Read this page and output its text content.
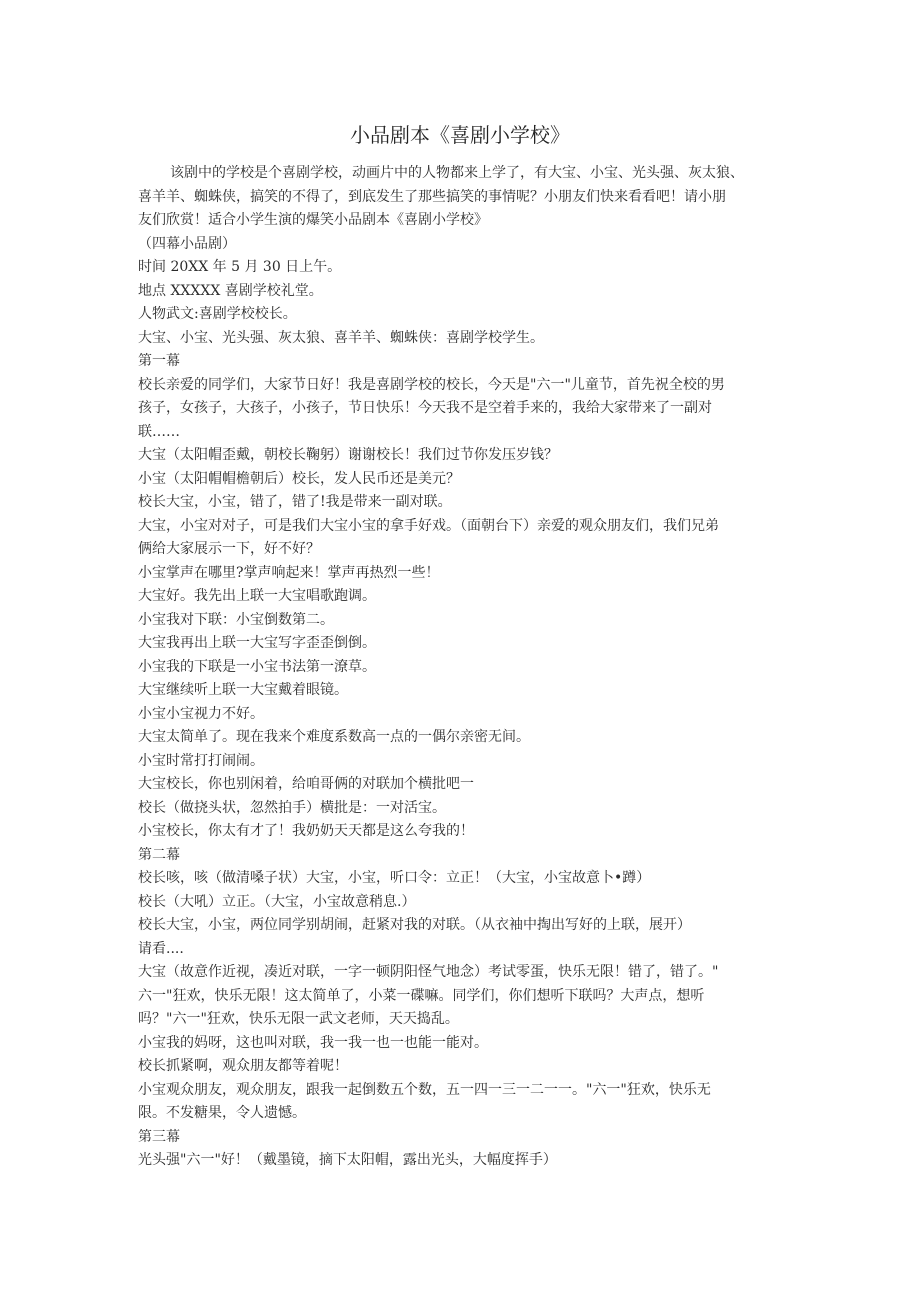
小品剧本《喜剧小学校》
该剧中的学校是个喜剧学校，动画片中的人物都来上学了，有大宝、小宝、光头强、灰太狼、
喜羊羊、蜘蛛侠，搞笑的不得了，到底发生了那些搞笑的事情呢？小朋友们快来看看吧！请小朋
友们欣赏！适合小学生演的爆笑小品剧本《喜剧小学校》
（四幕小品剧）
时间 20XX 年 5 月 30 日上午。
地点 XXXXX 喜剧学校礼堂。
人物武文:喜剧学校校长。
大宝、小宝、光头强、灰太狼、喜羊羊、蜘蛛侠：喜剧学校学生。
第一幕
校长亲爱的同学们，大家节日好！我是喜剧学校的校长，今天是"六一"儿童节，首先祝全校的男
孩子，女孩子，大孩子，小孩子，节日快乐！今天我不是空着手来的，我给大家带来了一副对
联……
大宝（太阳帽歪戴，朝校长鞠躬）谢谢校长！我们过节你发压岁钱？
小宝（太阳帽帽檐朝后）校长，发人民币还是美元？
校长大宝，小宝，错了，错了!我是带来一副对联。
大宝，小宝对对子，可是我们大宝小宝的拿手好戏。（面朝台下）亲爱的观众朋友们，我们兄弟
俩给大家展示一下，好不好？
小宝掌声在哪里?掌声响起来！掌声再热烈一些！
大宝好。我先出上联一大宝唱歌跑调。
小宝我对下联：小宝倒数第二。
大宝我再出上联一大宝写字歪歪倒倒。
小宝我的下联是一小宝书法第一潦草。
大宝继续听上联一大宝戴着眼镜。
小宝小宝视力不好。
大宝太简单了。现在我来个难度系数高一点的一偶尔亲密无间。
小宝时常打打闹闹。
大宝校长，你也别闲着，给咱哥俩的对联加个横批吧一
校长（做挠头状，忽然拍手）横批是：一对活宝。
小宝校长，你太有才了！我奶奶天天都是这么夸我的！
第二幕
校长咳，咳（做清嗓子状）大宝，小宝，听口令：立正！（大宝，小宝故意卜•蹲）
校长（大吼）立正。（大宝，小宝故意稍息.）
校长大宝，小宝，两位同学别胡闹，赶紧对我的对联。（从衣袖中掏出写好的上联，展开）
请看....
大宝（故意作近视，凑近对联，一字一顿阴阳怪气地念）考试零蛋，快乐无限！错了，错了。"
六一"狂欢，快乐无限！这太简单了，小菜一碟嘛。同学们，你们想听下联吗？大声点，想听
吗？"六一"狂欢，快乐无限一武文老师，天天捣乱。
小宝我的妈呀，这也叫对联，我一我一也一也能一能对。
校长抓紧啊，观众朋友都等着呢！
小宝观众朋友，观众朋友，跟我一起倒数五个数，五一四一三一二一一。"六一"狂欢，快乐无
限。不发糖果，令人遗憾。
第三幕
光头强"六一"好！（戴墨镜，摘下太阳帽，露出光头，大幅度挥手）
